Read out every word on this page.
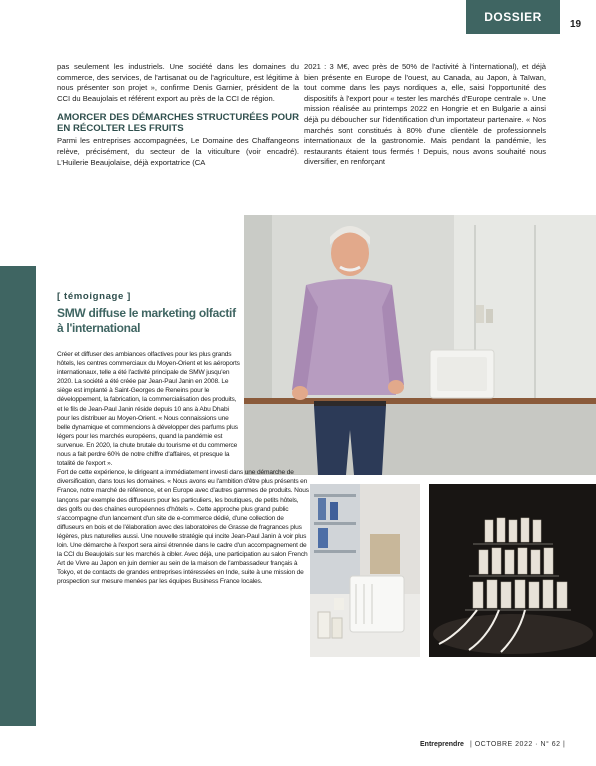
DOSSIER
19

pas seulement les industriels. Une société dans les domaines du commerce, des services, de l'artisanat ou de l'agriculture, est légitime à nous présenter son projet », confirme Denis Garnier, président de la CCI du Beaujolais et référent export au près de la CCI de région.

AMORCER DES DÉMARCHES STRUCTURÉES POUR EN RÉCOLTER LES FRUITS

Parmi les entreprises accompagnées, Le Domaine des Chaffangeons relève, précisément, du secteur de la viticulture (voir encadré). L'Huilerie Beaujolaise, déjà exportatrice (CA

2021 : 3 M€, avec près de 50% de l'activité à l'international), et déjà bien présente en Europe de l'ouest, au Canada, au Japon, à Taïwan, tout comme dans les pays nordiques a, elle, saisi l'opportunité des dispositifs à l'export pour « tester les marchés d'Europe centrale ». Une mission réalisée au printemps 2022 en Hongrie et en Bulgarie a ainsi déjà pu déboucher sur l'identification d'un importateur partenaire. « Nos marchés sont constitués à 80% d'une clientèle de professionnels internationaux de la gastronomie. Mais pendant la pandémie, les restaurants étaient tous fermés ! Depuis, nous avons souhaité nous diversifier, en renforçant

[ témoignage ]
SMW diffuse le marketing olfactif à l'international

Créer et diffuser des ambiances olfactives pour les plus grands hôtels, les centres commerciaux du Moyen-Orient et les aéroports internationaux, telle a été l'activité principale de SMW jusqu'en 2020. La société a été créée par Jean-Paul Janin en 2008. Le siège est implanté à Saint-Georges de Reneins pour le développement, la fabrication, la commercialisation des produits, et le fils de Jean-Paul Janin réside depuis 10 ans à Abu Dhabi pour les distribuer au Moyen-Orient. « Nous connaissions une belle dynamique et commencions à développer des parfums plus légers pour les marchés européens, quand la pandémie est survenue. En 2020, la chute brutale du tourisme et du commerce nous a fait perdre 60% de notre chiffre d'affaires, et presque la totalité de l'export ».

Fort de cette expérience, le dirigeant a immédiatement investi dans une démarche de diversification, dans tous les domaines. « Nous avons eu l'ambition d'être plus présents en France, notre marché de référence, et en Europe avec d'autres gammes de produits. Nous lançons par exemple des diffuseurs pour les particuliers, les boutiques, de petits hôtels, des golfs ou des chaînes européennes d'hôtels ». Cette approche plus grand public s'accompagne d'un lancement d'un site de e-commerce dédié, d'une collection de diffuseurs en bois et de l'élaboration avec des laboratoires de Grasse de fragrances plus légères, plus naturelles aussi. Une nouvelle stratégie qui incite Jean-Paul Janin à voir plus loin. Une démarche à l'export sera ainsi étrennée dans le cadre d'un accompagnement de la CCI du Beaujolais sur les marchés à cibler. Avec déjà, une participation au salon French Art de Vivre au Japon en juin dernier au sein de la maison de l'ambassadeur français à Tokyo, et de contacts de grandes entreprises intéressées en Inde, suite à une mission de prospection sur mesure menées par les équipes Business France locales.

Entreprendre | OCTOBRE 2022 · N° 62 |
